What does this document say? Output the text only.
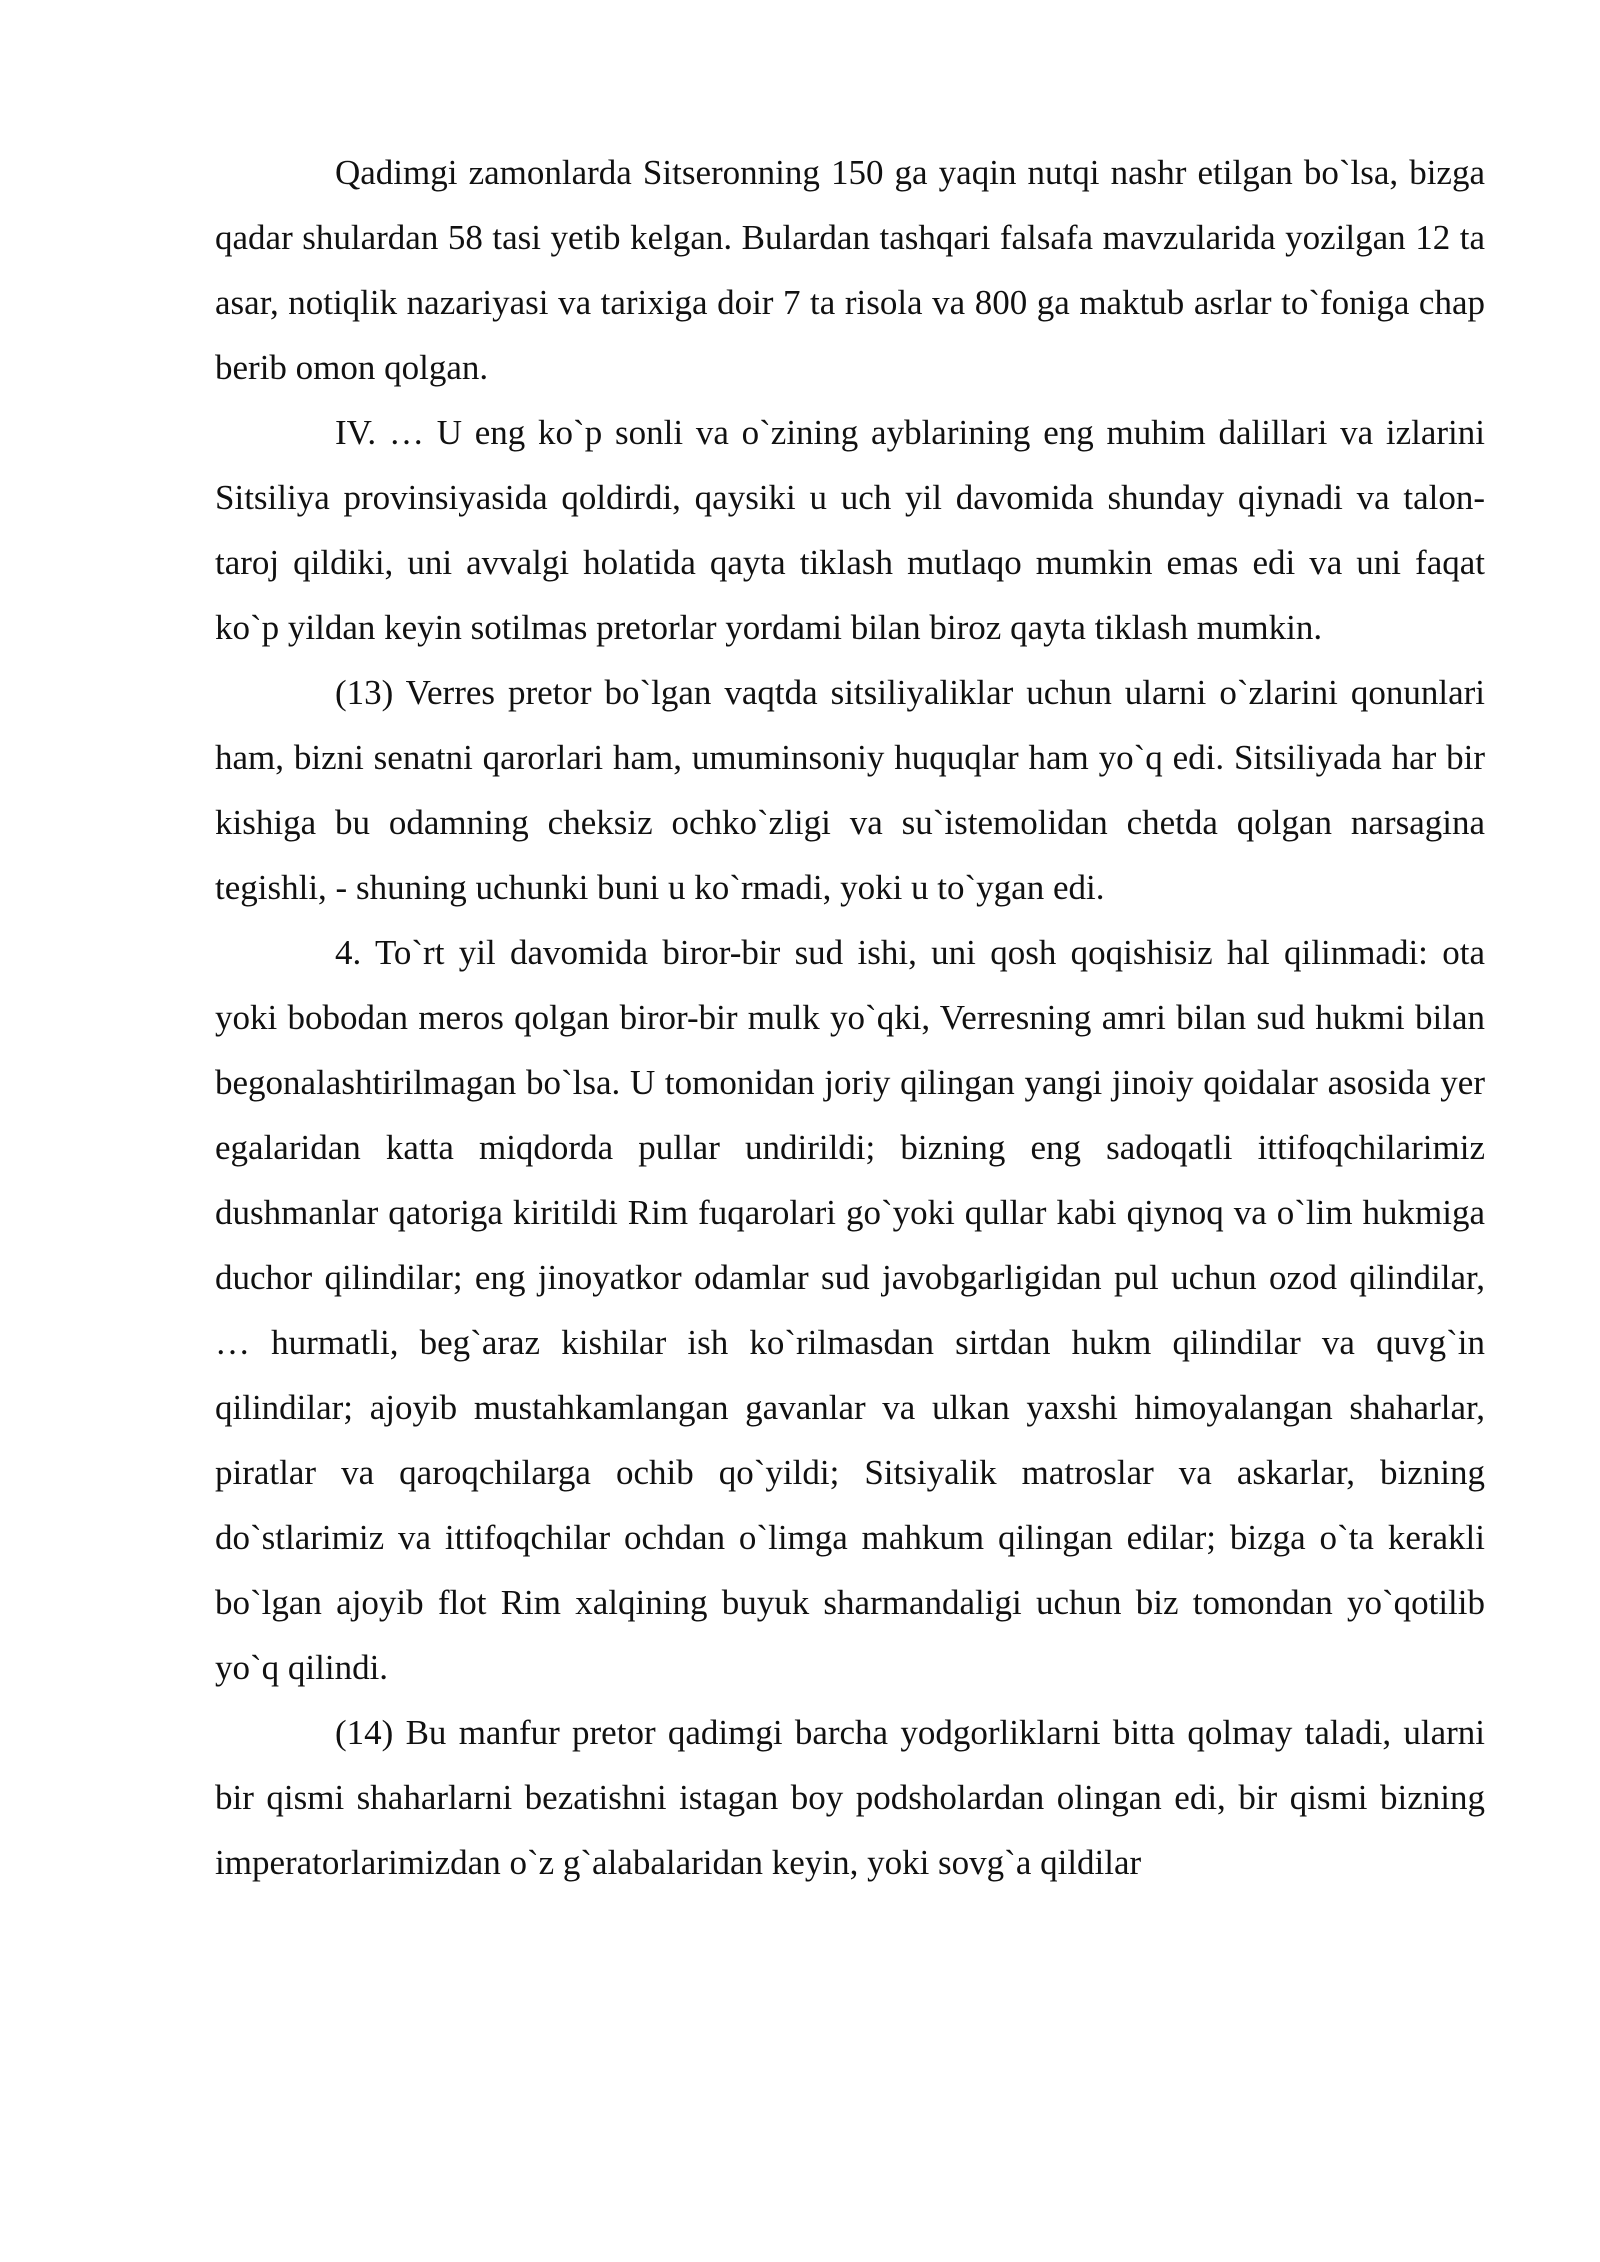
Qadimgi zamonlarda Sitseronning 150 ga yaqin nutqi nashr etilgan bo`lsa, bizga qadar shulardan 58 tasi yetib kelgan. Bulardan tashqari falsafa mavzularida yozilgan 12 ta asar, notiqlik nazariyasi va tarixiga doir 7 ta risola va 800 ga maktub asrlar to`foniga chap berib omon qolgan.

IV. … U eng ko`p sonli va o`zining ayblarining eng muhim dalillari va izlarini Sitsiliya provinsiyasida qoldirdi, qaysiki u uch yil davomida shunday qiynadi va talon-taroj qildiki, uni avvalgi holatida qayta tiklash mutlaqo mumkin emas edi va uni faqat ko`p yildan keyin sotilmas pretorlar yordami bilan biroz qayta tiklash mumkin.

(13) Verres pretor bo`lgan vaqtda sitsiliyaliklar uchun ularni o`zlarini qonunlari ham, bizni senatni qarorlari ham, umuminsoniy huquqlar ham yo`q edi. Sitsiliyada har bir kishiga bu odamning cheksiz ochko`zligi va su`istemolidan chetda qolgan narsagina tegishli, - shuning uchunki buni u ko`rmadi, yoki u to`ygan edi.

4. To`rt yil davomida biror-bir sud ishi, uni qosh qoqishisiz hal qilinmadi: ota yoki bobodan meros qolgan biror-bir mulk yo`qki, Verresning amri bilan sud hukmi bilan begonalashtirilmagan bo`lsa. U tomonidan joriy qilingan yangi jinoiy qoidalar asosida yer egalaridan katta miqdorda pullar undirildi; bizning eng sadoqatli ittifoqchilarimiz dushmanlar qatoriga kiritildi Rim fuqarolari go`yoki qullar kabi qiynoq va o`lim hukmiga duchor qilindilar; eng jinoyatkor odamlar sud javobgarligidan pul uchun ozod qilindilar, … hurmatli, beg`araz kishilar ish ko`rilmasdan sirtdan hukm qilindilar va quvg`in qilindilar; ajoyib mustahkamlangan gavanlar va ulkan yaxshi himoyalangan shaharlar, piratlar va qaroqchilarga ochib qo`yildi; Sitsiyalik matroslar va askarlar, bizning do`stlarimiz va ittifoqchilar ochdan o`limga mahkum qilingan edilar; bizga o`ta kerakli bo`lgan ajoyib flot Rim xalqining buyuk sharmandaligi uchun biz tomondan yo`qotilib yo`q qilindi.

(14) Bu manfur pretor qadimgi barcha yodgorliklarni bitta qolmay taladi, ularni bir qismi shaharlarni bezatishni istagan boy podsholardan olingan edi, bir qismi bizning imperatorlarimizdan o`z g`alabalaridan keyin, yoki sovg`a qildilar
